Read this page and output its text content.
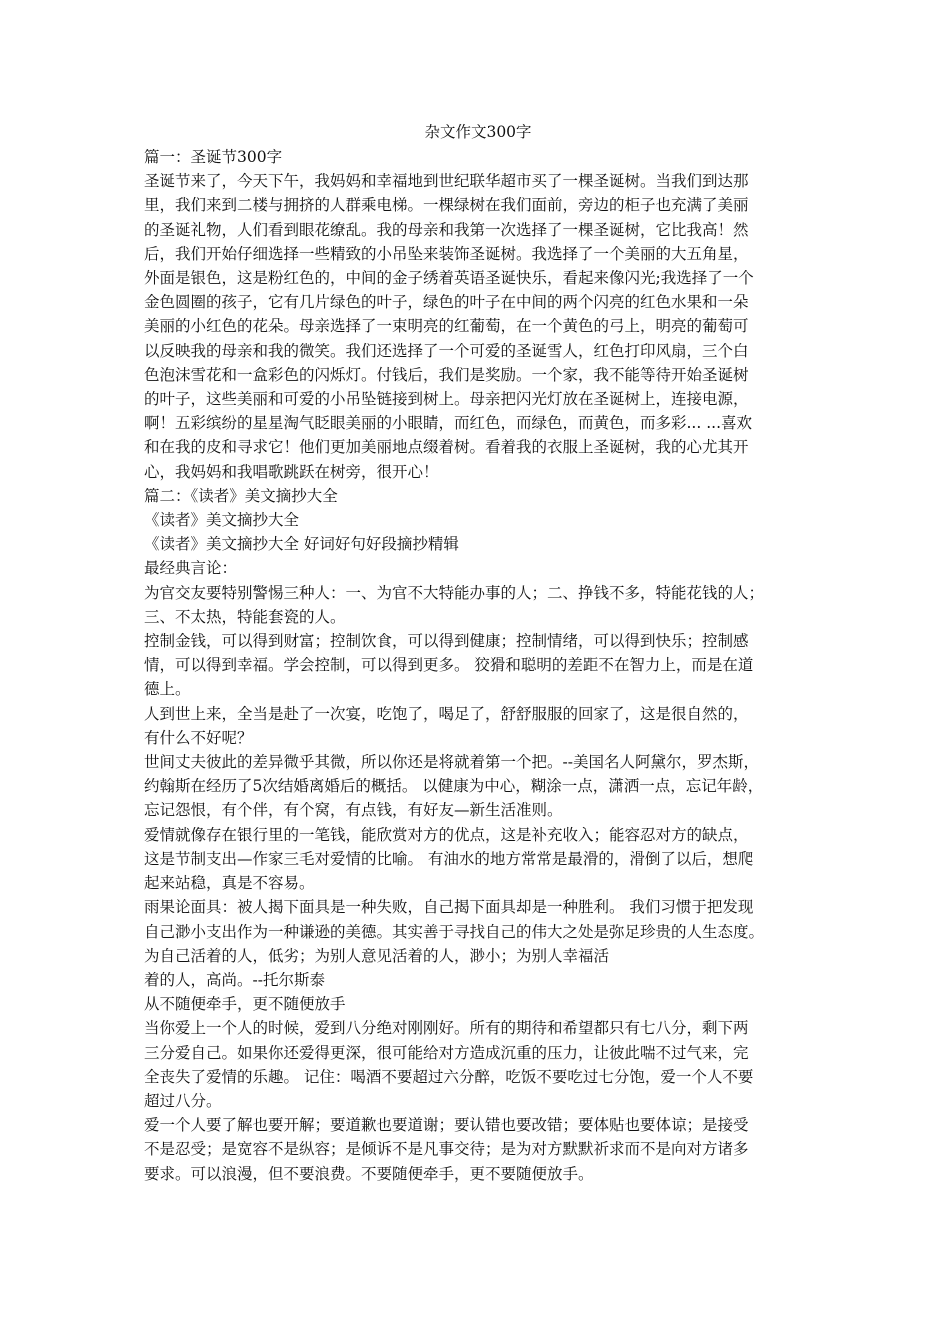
杂文作文300字

篇一：圣诞节300字

圣诞节来了，今天下午，我妈妈和幸福地到世纪联华超市买了一棵圣诞树。当我们到达那
里，我们来到二楼与拥挤的人群乘电梯。一棵绿树在我们面前，旁边的柜子也充满了美丽
的圣诞礼物，人们看到眼花缭乱。我的母亲和我第一次选择了一棵圣诞树，它比我高！然
后，我们开始仔细选择一些精致的小吊坠来装饰圣诞树。我选择了一个美丽的大五角星，
外面是银色，这是粉红色的，中间的金子绣着英语圣诞快乐，看起来像闪光;我选择了一个
金色圆圈的孩子，它有几片绿色的叶子，绿色的叶子在中间的两个闪亮的红色水果和一朵
美丽的小红色的花朵。母亲选择了一束明亮的红葡萄，在一个黄色的弓上，明亮的葡萄可
以反映我的母亲和我的微笑。我们还选择了一个可爱的圣诞雪人，红色打印风扇，三个白
色泡沫雪花和一盒彩色的闪烁灯。付钱后，我们是奖励。一个家，我不能等待开始圣诞树
的叶子，这些美丽和可爱的小吊坠链接到树上。母亲把闪光灯放在圣诞树上，连接电源，
啊！五彩缤纷的星星淘气眨眼美丽的小眼睛，而红色，而绿色，而黄色，而多彩... ...喜欢
和在我的皮和寻求它！他们更加美丽地点缀着树。看着我的衣服上圣诞树，我的心尤其开
心，我妈妈和我唱歌跳跃在树旁，很开心！

篇二：《读者》美文摘抄大全

《读者》美文摘抄大全

《读者》美文摘抄大全 好词好句好段摘抄精辑

最经典言论：

为官交友要特别警惕三种人：一、为官不大特能办事的人；二、挣钱不多，特能花钱的人；
三、不太热，特能套瓷的人。

控制金钱，可以得到财富；控制饮食，可以得到健康；控制情绪，可以得到快乐；控制感
情，可以得到幸福。学会控制，可以得到更多。 狡猾和聪明的差距不在智力上，而是在道
德上。

人到世上来，全当是赴了一次宴，吃饱了，喝足了，舒舒服服的回家了，这是很自然的，
有什么不好呢？

世间丈夫彼此的差异微乎其微，所以你还是将就着第一个把。--美国名人阿黛尔，罗杰斯，
约翰斯在经历了5次结婚离婚后的概括。 以健康为中心，糊涂一点，潇洒一点，忘记年龄，
忘记怨恨，有个伴，有个窝，有点钱，有好友—新生活准则。

爱情就像存在银行里的一笔钱，能欣赏对方的优点，这是补充收入；能容忍对方的缺点，
这是节制支出—作家三毛对爱情的比喻。 有油水的地方常常是最滑的，滑倒了以后，想爬
起来站稳，真是不容易。

雨果论面具：被人揭下面具是一种失败，自己揭下面具却是一种胜利。 我们习惯于把发现
自己渺小支出作为一种谦逊的美德。其实善于寻找自己的伟大之处是弥足珍贵的人生态度。
为自己活着的人，低劣；为别人意见活着的人，渺小；为别人幸福活
着的人，高尚。--托尔斯泰

从不随便牵手，更不随便放手

当你爱上一个人的时候，爱到八分绝对刚刚好。所有的期待和希望都只有七八分，剩下两
三分爱自己。如果你还爱得更深，很可能给对方造成沉重的压力，让彼此喘不过气来，完
全丧失了爱情的乐趣。 记住：喝酒不要超过六分醉，吃饭不要吃过七分饱，爱一个人不要
超过八分。

爱一个人要了解也要开解；要道歉也要道谢；要认错也要改错；要体贴也要体谅；是接受
不是忍受；是宽容不是纵容；是倾诉不是凡事交待；是为对方默默祈求而不是向对方诸多
要求。可以浪漫，但不要浪费。不要随便牵手，更不要随便放手。
